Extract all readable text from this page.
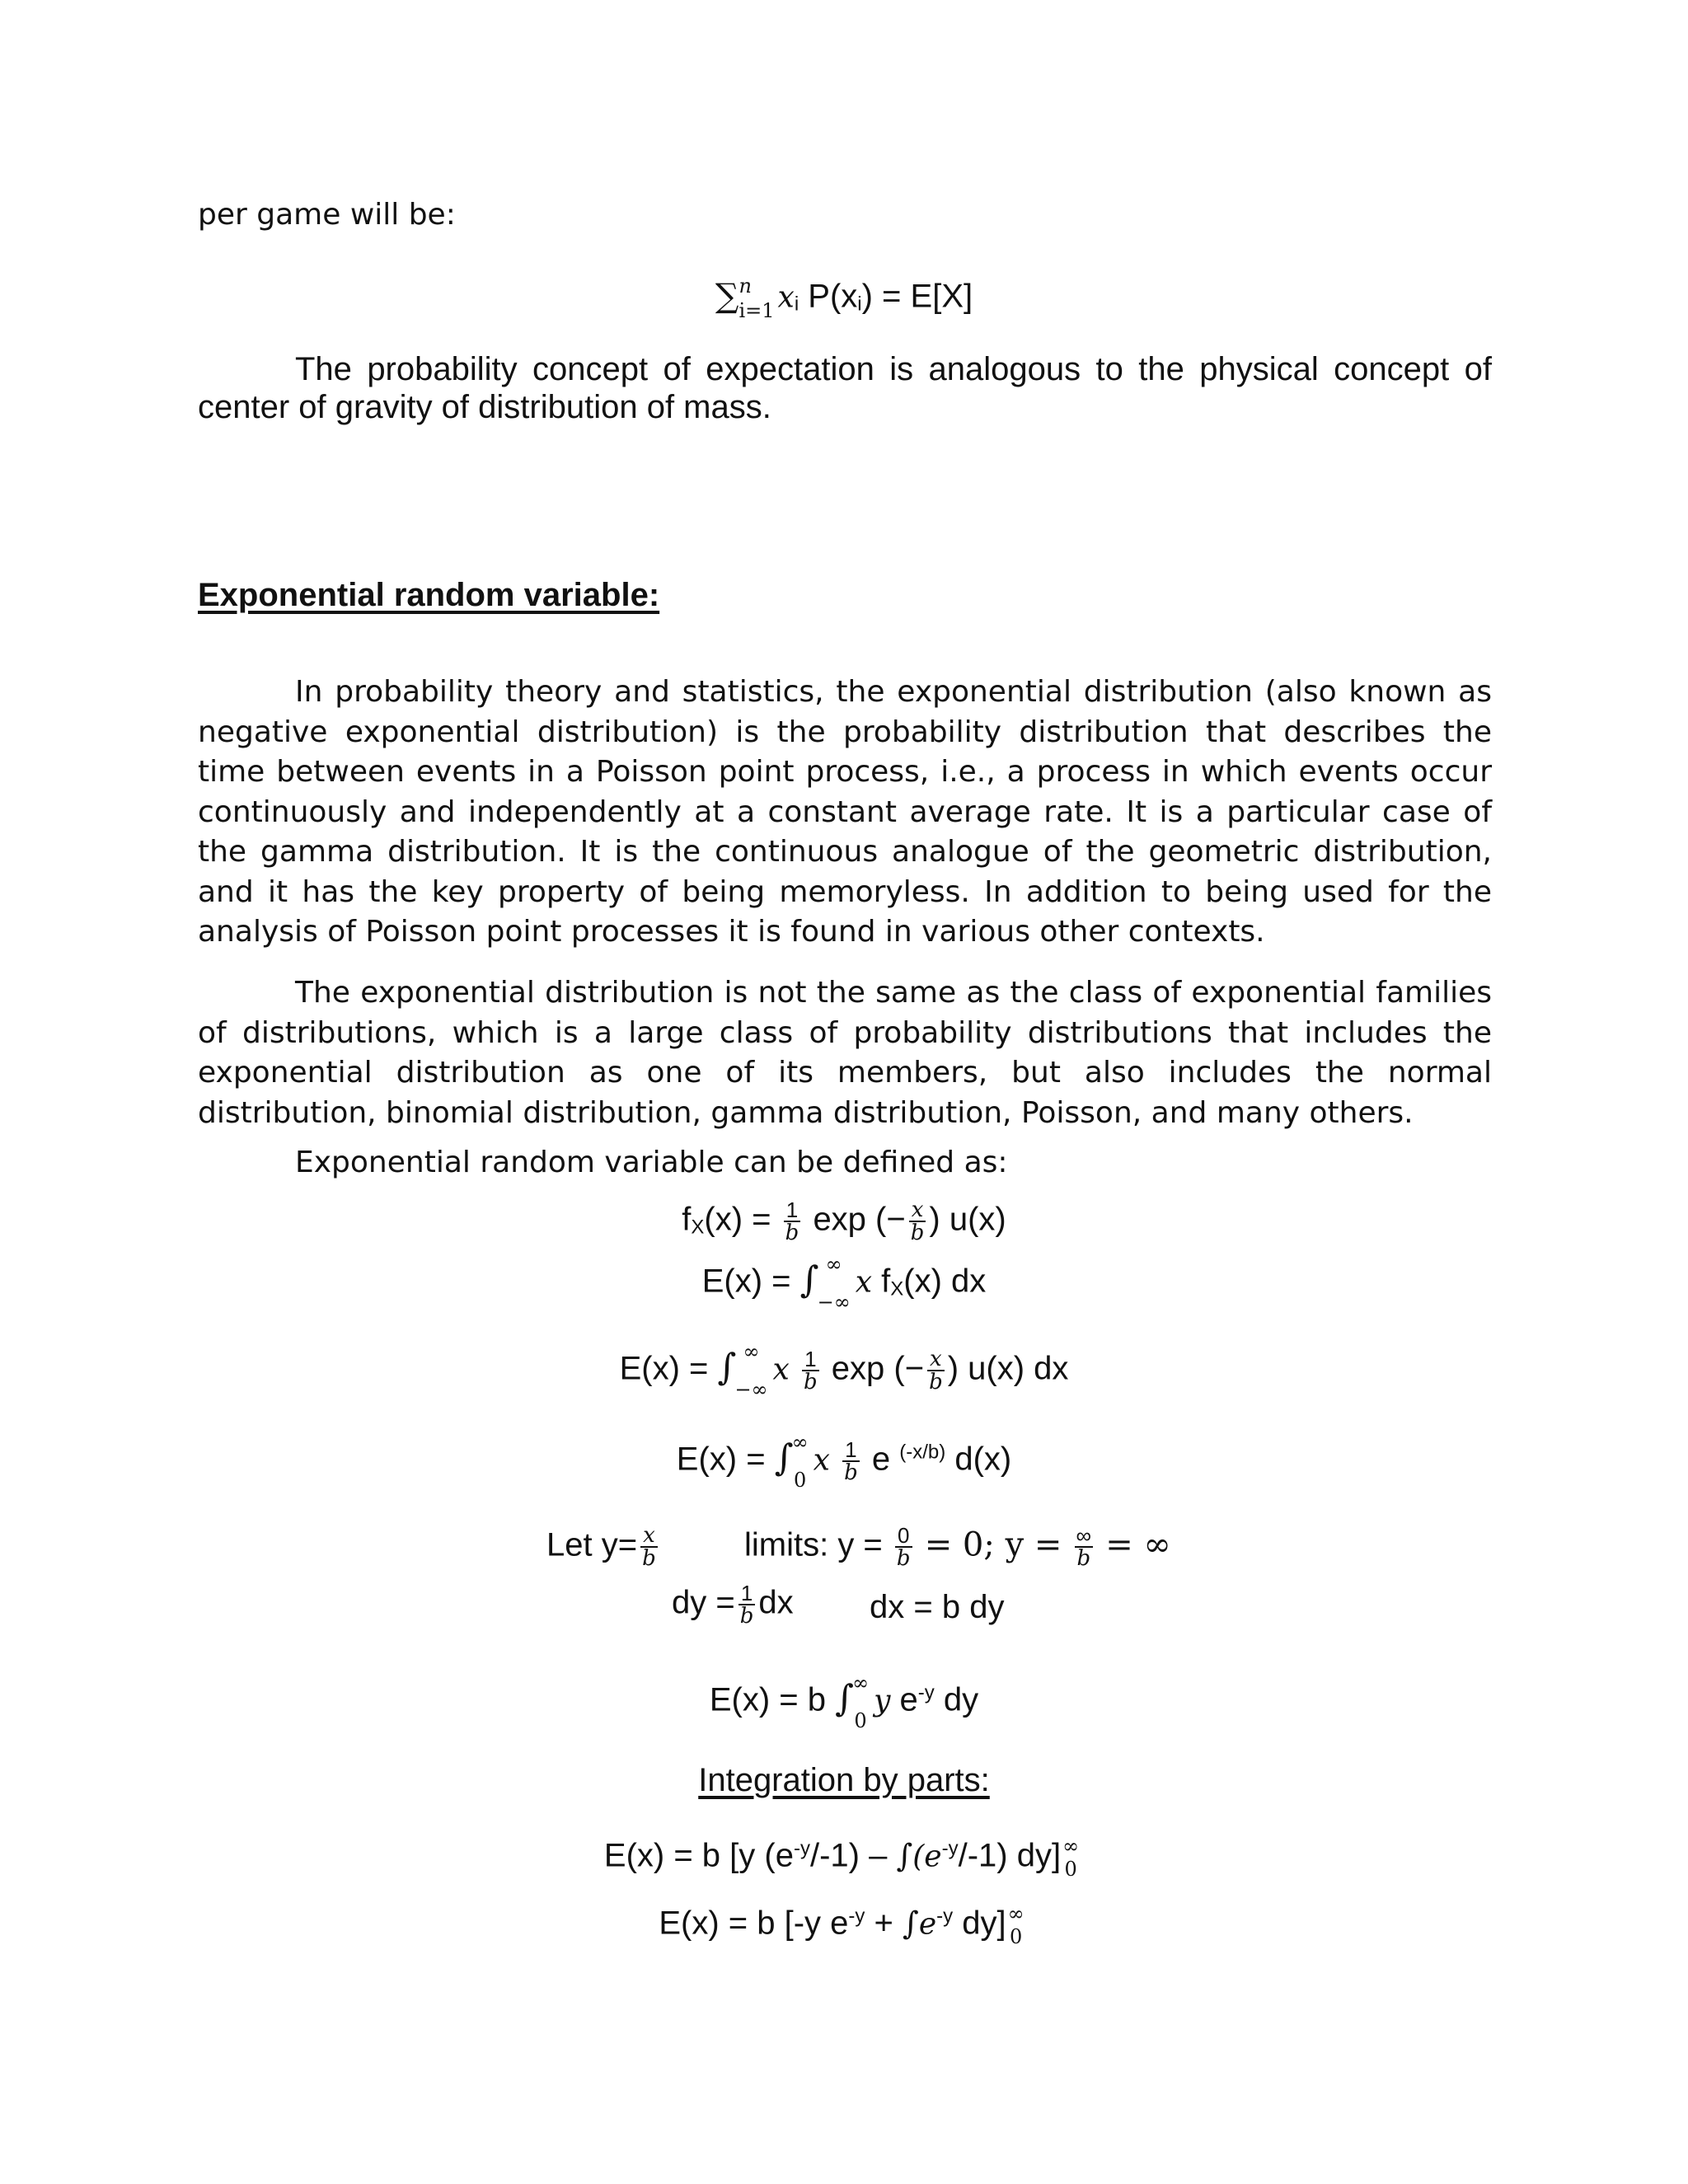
per game will be:
∑ n
i=1 xi P(xi) = E[X]
The probability concept of expectation is analogous to the physical concept of center of gravity of distribution of mass.
Exponential random variable:
In probability theory and statistics, the exponential distribution (also known as negative exponential distribution) is the probability distribution that describes the time between events in a Poisson point process, i.e., a process in which events occur continuously and independently at a constant average rate. It is a particular case of the gamma distribution. It is the continuous analogue of the geometric distribution, and it has the key property of being memoryless. In addition to being used for the analysis of Poisson point processes it is found in various other contexts.
The exponential distribution is not the same as the class of exponential families of distributions, which is a large class of probability distributions that includes the exponential distribution as one of its members, but also includes the normal distribution, binomial distribution, gamma distribution, Poisson, and many others.
Exponential random variable can be defined as:
$fX(x) = \frac{1}{b}$ exp (− $\frac{x}{b}$ ) u(x)
E(x) = ∫ ∞
−∞
x fX(x) dx
E(x) = ∫ ∞
−∞
x $\frac{1}{b}$ exp (− $\frac{x}{b}$ ) u(x) dx
E(x) = ∫
∞
0
x $\frac{1}{b}$ e $^{(-x/b)}$ d(x)
Let $y= \frac{x}{b}$	limits: $y = \frac{0}{b} = 0$; $y = \frac{\infty}{b}$ = ∞
dy = $\frac{1}{b}$ dx dx = b dy
E(x) = b ∫
∞
0
y $e^{-y}$ dy
Integration by parts:
E(x) = b [y $(e^{-y}/-1) - \int(e^{-y}/-1)$ dy] ∞
0
E(x) = b [-y $e^{-y} + \int e^{-y}$ dy] ∞
0
